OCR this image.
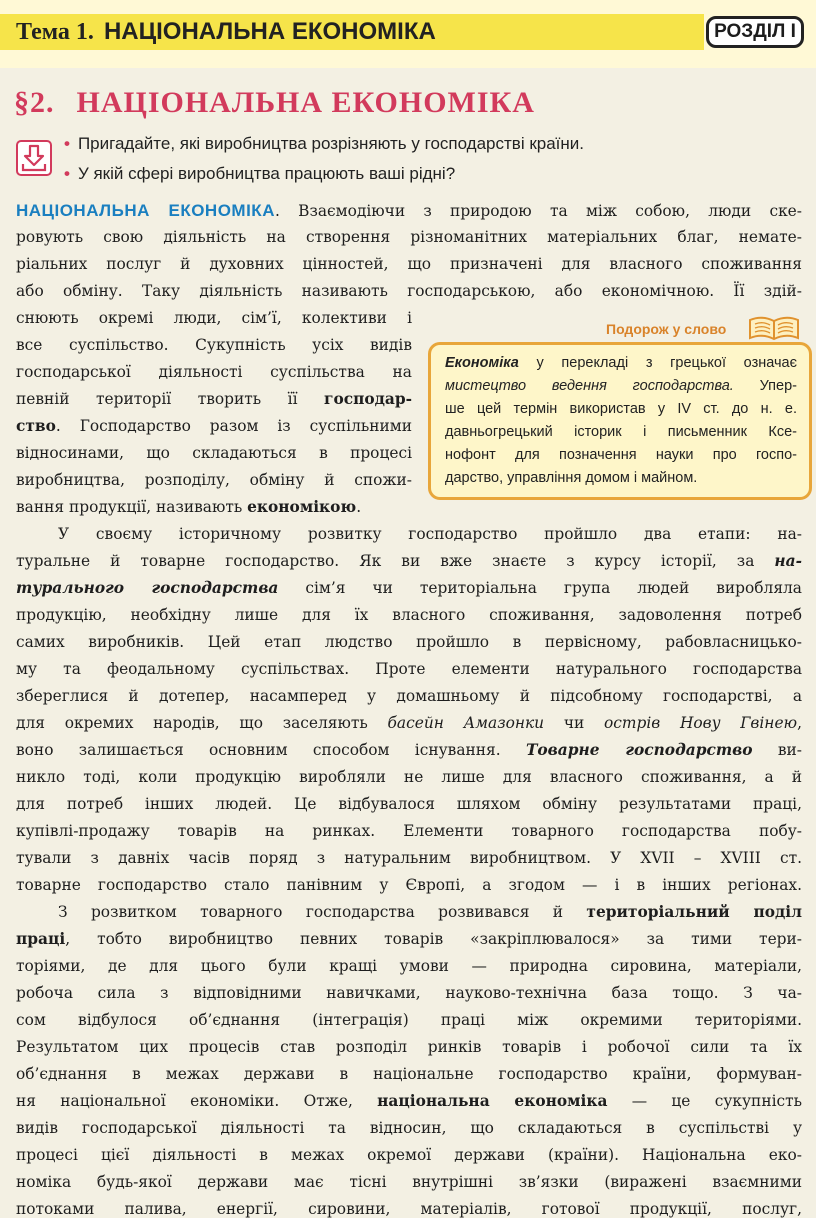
Тема 1. НАЦІОНАЛЬНА ЕКОНОМІКА	РОЗДІЛ І
§2. НАЦІОНАЛЬНА ЕКОНОМІКА
• Пригадайте, які виробництва розрізняють у господарстві країни.
• У якій сфері виробництва працюють ваші рідні?
НАЦІОНАЛЬНА ЕКОНОМІКА. Взаємодіючи з природою та між собою, люди ске-
ровують свою діяльність на створення різноманітних матеріальних благ, немате-
ріальних послуг й духовних цінностей, що призначені для власного споживання
або обміну. Таку діяльність називають господарською, або економічною. Її здій-
снюють окремі люди, сім’ї, колективи і
все суспільство. Сукупність усіх видів
господарської діяльності суспільства на
певній території творить її господар-
ство. Господарство разом із суспільними
відносинами, що складаються в процесі
виробництва, розподілу, обміну й спожи-
вання продукції, називають економікою.
У своєму історичному розвитку господарство пройшло два етапи: на-
туральне й товарне господарство. Як ви вже знаєте з курсу історії, за на-
турального господарства сім’я чи територіальна група людей виробляла
продукцію, необхідну лише для їх власного споживання, задоволення потреб
самих виробників. Цей етап людство пройшло в первісному, рабовласницько-
му та феодальному суспільствах. Проте елементи натурального господарства
збереглися й дотепер, насамперед у домашньому й підсобному господарстві, а
для окремих народів, що заселяють басейн Амазонки чи острів Нову Гвінею,
воно залишається основним способом існування. Товарне господарство ви-
никло тоді, коли продукцію виробляли не лише для власного споживання, а й
для потреб інших людей. Це відбувалося шляхом обміну результатами праці,
купівлі-продажу товарів на ринках. Елементи товарного господарства побу-
тували з давніх часів поряд з натуральним виробництвом. У XVII – XVIII ст.
товарне господарство стало панівним у Європі, а згодом — і в інших регіонах.
З розвитком товарного господарства розвивався й територіальний поділ
праці, тобто виробництво певних товарів «закріплювалося» за тими тери-
торіями, де для цього були кращі умови — природна сировина, матеріали,
робоча сила з відповідними навичками, науково-технічна база тощо. З ча-
сом відбулося об’єднання (інтеграція) праці між окремими територіями.
Результатом цих процесів став розподіл ринків товарів і робочої сили та їх
об’єднання в межах держави в національне господарство країни, формуван-
ня національної економіки. Отже, національна економіка — це сукупність
видів господарської діяльності та відносин, що складаються в суспільстві у
процесі цієї діяльності в межах окремої держави (країни). Національна еко-
номіка будь-якої держави має тісні внутрішні зв’язки (виражені взаємними
потоками палива, енергії, сировини, матеріалів, готової продукції, послуг,
Подорож у слово
Економіка у перекладі з грецької означає
мистецтво ведення господарства. Упер-
ше цей термін використав у IV ст. до н. е.
давньогрецький історик і письменник Ксе-
нофонт для позначення науки про госпо-
дарство, управління домом і майном.
